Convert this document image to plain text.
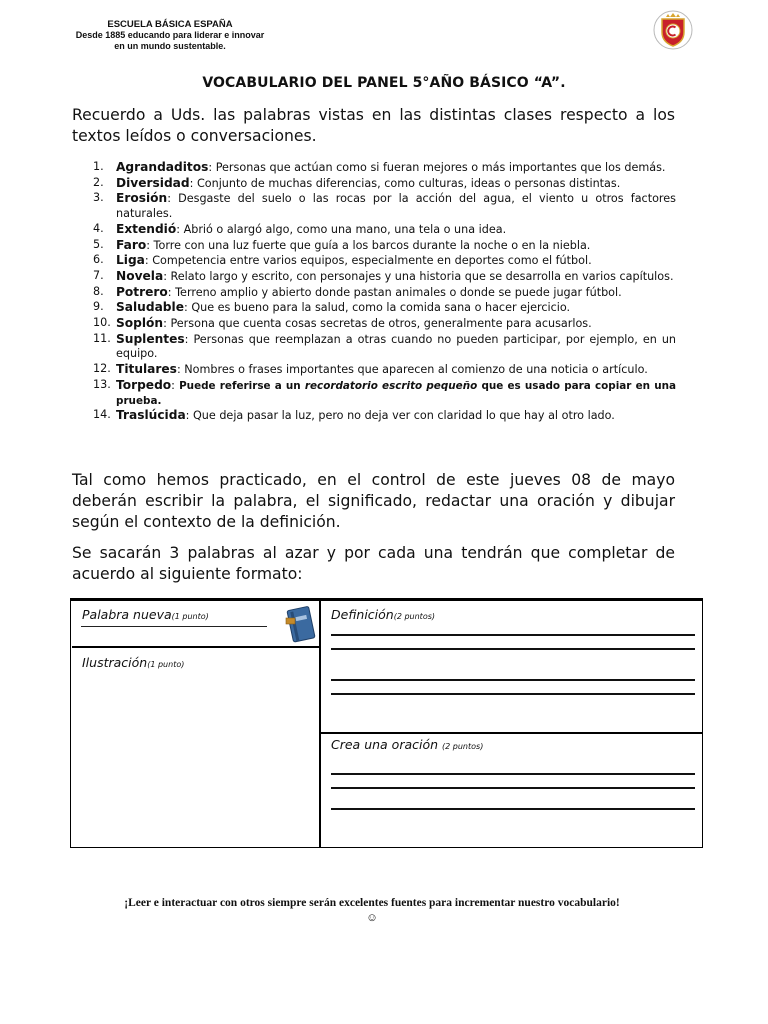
ESCUELA BÁSICA ESPAÑA
Desde 1885 educando para liderar e innovar
en un mundo sustentable.
VOCABULARIO DEL PANEL 5°AÑO BÁSICO “A”.
Recuerdo a Uds. las palabras vistas en las distintas clases respecto a los textos leídos o conversaciones.
1.	Agrandaditos: Personas que actúan como si fueran mejores o más importantes que los demás.
2.	Diversidad: Conjunto de muchas diferencias, como culturas, ideas o personas distintas.
3.	Erosión: Desgaste del suelo o las rocas por la acción del agua, el viento u otros factores naturales.
4.	Extendió: Abrió o alargó algo, como una mano, una tela o una idea.
5.	Faro: Torre con una luz fuerte que guía a los barcos durante la noche o en la niebla.
6.	Liga: Competencia entre varios equipos, especialmente en deportes como el fútbol.
7.	Novela: Relato largo y escrito, con personajes y una historia que se desarrolla en varios capítulos.
8.	Potrero: Terreno amplio y abierto donde pastan animales o donde se puede jugar fútbol.
9.	Saludable: Que es bueno para la salud, como la comida sana o hacer ejercicio.
10. Soplón: Persona que cuenta cosas secretas de otros, generalmente para acusarlos.
11. Suplentes: Personas que reemplazan a otras cuando no pueden participar, por ejemplo, en un equipo.
12. Titulares: Nombres o frases importantes que aparecen al comienzo de una noticia o artículo.
13. Torpedo: Puede referirse a un recordatorio escrito pequeño que es usado para copiar en una prueba.
14. Traslúcida: Que deja pasar la luz, pero no deja ver con claridad lo que hay al otro lado.
Tal como hemos practicado, en el control de este jueves 08 de mayo deberán escribir la palabra, el significado, redactar una oración y dibujar según el contexto de la definición.
Se sacarán 3 palabras al azar y por cada una tendrán que completar de acuerdo al siguiente formato:
Palabra nueva(1 punto)
Ilustración(1 punto)
Definición(2 puntos)
Crea una oración (2 puntos)
¡Leer e interactuar con otros siempre serán excelentes fuentes para incrementar nuestro vocabulario!
☺
